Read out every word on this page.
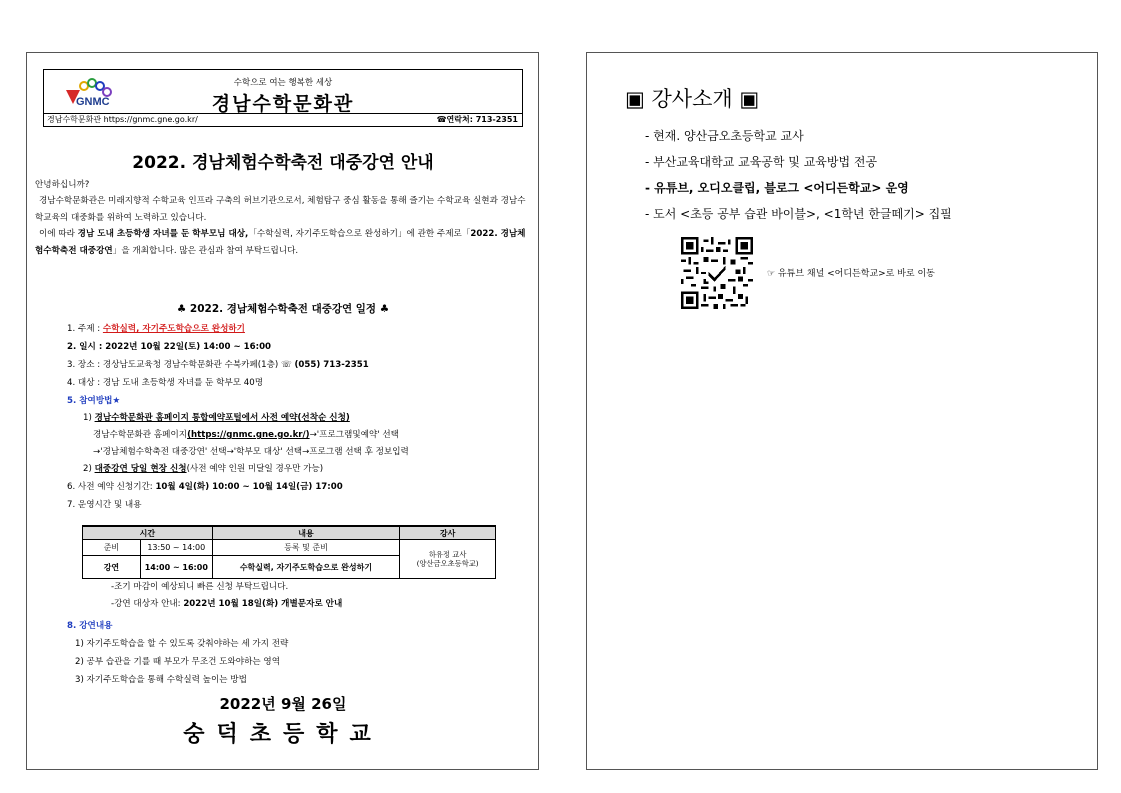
GNMC
수학으로 여는 행복한 세상
경남수학문화관
경남수학문화관 https://gnmc.gne.go.kr/	☎연락처: 713-2351
2022. 경남체험수학축전 대중강연 안내
안녕하십니까?
경남수학문화관은 미래지향적 수학교육 인프라 구축의 허브기관으로서, 체험탐구 중심 활동을 통해 즐기는 수학교육 실현과 경남수학교육의 대중화를 위하여 노력하고 있습니다.
이에 따라 경남 도내 초등학생 자녀를 둔 학부모님 대상,「수학실력, 자기주도학습으로 완성하기」에 관한 주제로「2022. 경남체험수학축전 대중강연」을 개최합니다. 많은 관심과 참여 부탁드립니다.
♣ 2022. 경남체험수학축전 대중강연 일정 ♣
1. 주제 : 수학실력, 자기주도학습으로 완성하기
2. 일시 : 2022년 10월 22일(토) 14:00 ~ 16:00
3. 장소 : 경상남도교육청 경남수학문화관 수북카페(1층) ☏ (055) 713-2351
4. 대상 : 경남 도내 초등학생 자녀를 둔 학부모 40명
5. 참여방법★
1) 경남수학문화관 홈페이지 통합예약포털에서 사전 예약(선착순 신청)
경남수학문화관 홈페이지(https://gnmc.gne.go.kr/)→'프로그램및예약' 선택
→'경남체험수학축전 대중강연' 선택→'학부모 대상' 선택→프로그램 선택 후 정보입력
2) 대중강연 당일 현장 신청(사전 예약 인원 미달일 경우만 가능)
6. 사전 예약 신청기간: 10월 4일(화) 10:00 ~ 10월 14일(금) 17:00
7. 운영시간 및 내용
시간		내용	강사
준비	13:50 ~ 14:00	등록 및 준비	하유정 교사
(양산금오초등학교)

강연	14:00 ~ 16:00	수학실력, 자기주도학습으로 완성하기	
-조기 마감이 예상되니 빠른 신청 부탁드립니다.
-강연 대상자 안내: 2022년 10월 18일(화) 개별문자로 안내
8. 강연내용
1) 자기주도학습을 할 수 있도록 갖춰야하는 세 가지 전략
2) 공부 습관을 기를 때 부모가 무조건 도와야하는 영역
3) 자기주도학습을 통해 수학실력 높이는 방법
2022년 9월 26일
숭덕초등학교
▣ 강사소개 ▣
- 현재. 양산금오초등학교 교사
- 부산교육대학교 교육공학 및 교육방법 전공
- 유튜브, 오디오클립, 블로그 <어디든학교> 운영
- 도서 <초등 공부 습관 바이블>, <1학년 한글떼기> 집필
☞ 유튜브 채널 <어디든학교>로 바로 이동
